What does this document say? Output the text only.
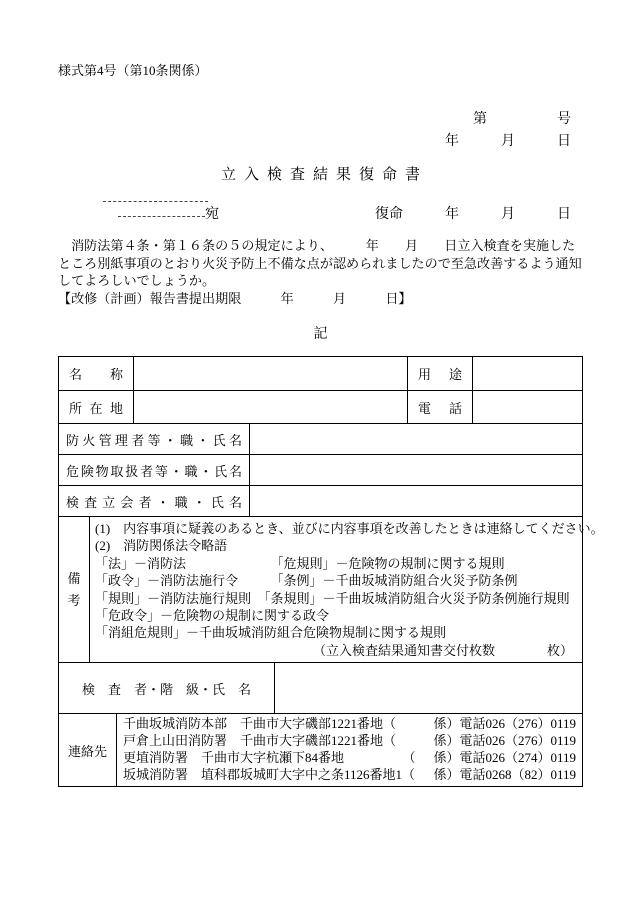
様式第4号（第10条関係）
第　　　　　号
年　　　月　　　日
立入検査結果復命書
宛	復命　　　年　　　月　　　日
　消防法第４条・第１６条の５の規定により、　　　年　　月　　日立入検査を実施した
ところ別紙事項のとおり火災予防上不備な点が認められましたので至急改善するよう通知
してよろしいでしょうか。
【改修（計画）報告書提出期限　　　年　　　月　　　日】
記
名称	用途
所在地	電話
防火管理者等・職・氏名
危険物取扱者等・職・氏名
検査立会者・職・氏名
備考
(1)　内容事項に疑義のあるとき、並びに内容事項を改善したときは連絡してください。
(2)　消防関係法令略語
「法」－消防法　　　　　　　「危規則」－危険物の規制に関する規則
「政令」－消防法施行令　　　「条例」－千曲坂城消防組合火災予防条例
「規則」－消防法施行規則　「条規則」－千曲坂城消防組合火災予防条例施行規則
「危政令」－危険物の規制に関する政令
「消組危規則」－千曲坂城消防組合危険物規制に関する規則
（立入検査結果通知書交付枚数　　　　枚）
検　査　者・階　級・氏　名
連絡先
千曲坂城消防本部　千曲市大字磯部1221番地（	係）電話026（276）0119
戸倉上山田消防署　千曲市大字磯部1221番地（	係）電話026（276）0119
更埴消防署　千曲市大字杭瀬下84番地　　　　　（ 係）電話026（274）0119
坂城消防署　埴科郡坂城町大字中之条1126番地1（ 係）電話0268（82）0119
